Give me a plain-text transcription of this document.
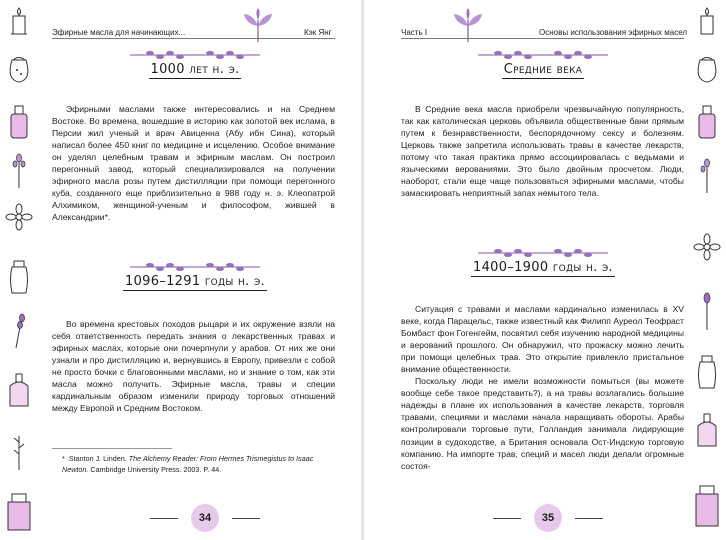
Эфирные масла для начинающих...	Кэк Янг
1000 лет н. э.

Эфирными маслами также интересовались и на Среднем Востоке. Во времена, вошедшие в историю как золотой век ислама, в Персии жил ученый и врач Авиценна (Абу ибн Сина), который написал более 450 книг по медицине и исцелению. Особое внимание он уделял целебным травам и эфирным маслам. Он построил перегонный завод, который специализировался на получении эфирного масла розы путем дистилляции при помощи перегонного куба, созданного еще приблизительно в 988 году н. э. Клеопатрой Алхимиком, женщиной-ученым и философом, жившей в Александрии*.

1096–1291 годы н. э.

Во времена крестовых походов рыцари и их окружение взяли на себя ответственность передать знания о лекарственных травах и эфирных маслах, которые они почерпнули у арабов. От них же они узнали и про дистилляцию и, вернувшись в Европу, привезли с собой не просто бочки с благовонными маслами, но и знание о том, как эти масла можно получить. Эфирные масла, травы и специи кардинальным образом изменили природу торговых отношений между Европой и Средним Востоком.

* Stanton J. Linden. The Alchemy Reader: From Hermes Trismegistus to Isaac Newton. Cambridge University Press. 2003. P. 44.
34
Часть I	Основы использования эфирных масел
Средние века

В Средние века масла приобрели чрезвычайную популярность, так как католическая церковь объявила общественные бани прямым путем к безнравственности, беспорядочному сексу и болезням. Церковь также запретила использовать травы в качестве лекарств, потому что такая практика прямо ассоциировалась с ведьмами и языческими верованиями. Это было двойным просчетом. Люди, наоборот, стали еще чаще пользоваться эфирными маслами, чтобы замаскировать неприятный запах немытого тела.

1400–1900 годы н. э.

Ситуация с травами и маслами кардинально изменилась в XV веке, когда Парацельс, также известный как Филипп Ауреол Теофраст Бомбаст фон Гогенгейм, посвятил себя изучению народной медицины и верований прошлого. Он обнаружил, что прожаску можно лечить при помощи целебных трав. Это открытие привлекло пристальное внимание общественности.

Поскольку люди не имели возможности помыться (вы можете вообще себе такое представить?), а на травы возлагались большие надежды в плане их использования в качестве лекарств, торговля травами, специями и маслами начала наращивать обороты. Арабы контролировали торговые пути, Голландия занимала лидирующие позиции в судоходстве, а Британия основала Ост-Индскую торговую компанию. На импорте трав, специй и масел люди делали огромные состоя-

35
